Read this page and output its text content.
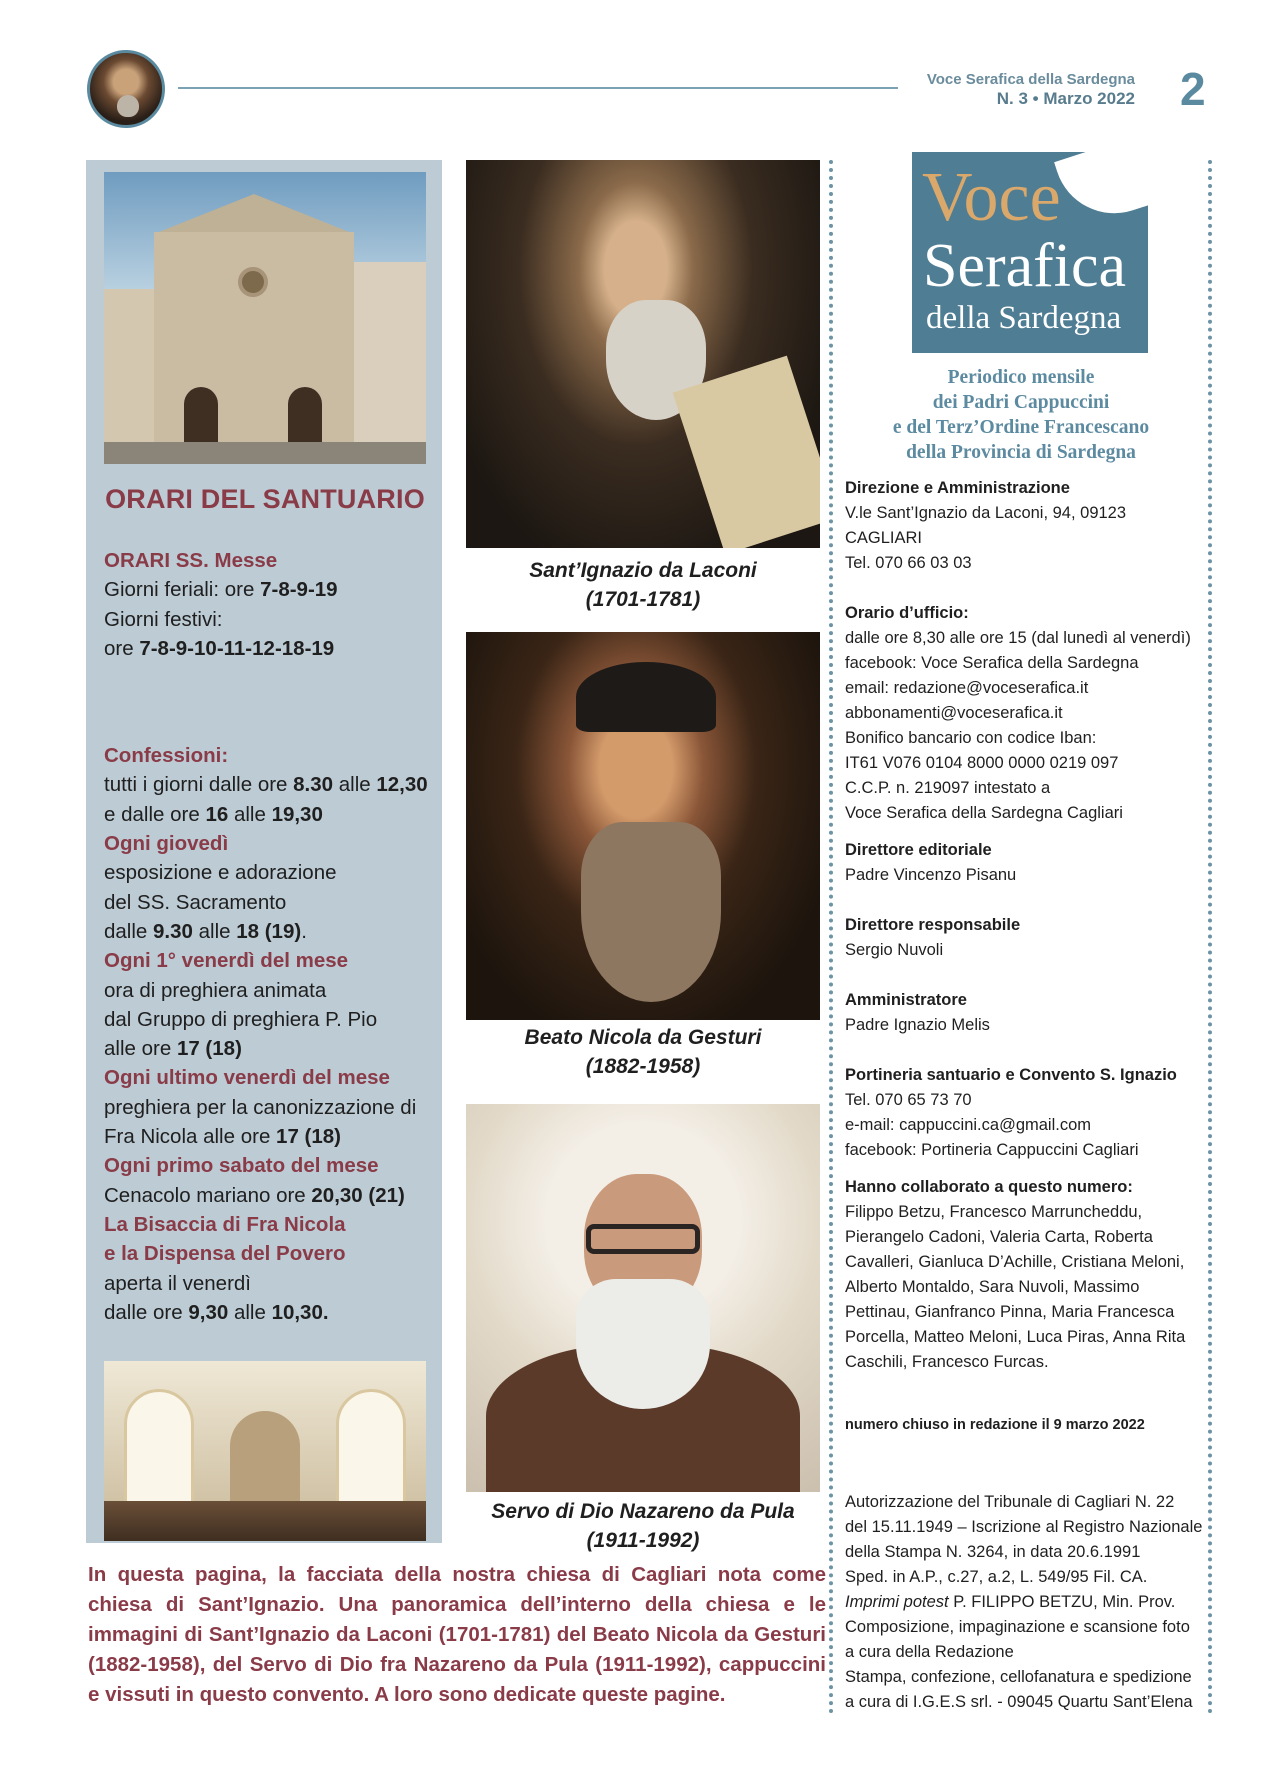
Voce Serafica della Sardegna
N. 3 • Marzo 2022 2
ORARI DEL SANTUARIO
ORARI SS. Messe
Giorni feriali: ore 7-8-9-19
Giorni festivi:
ore 7-8-9-10-11-12-18-19
Confessioni:
tutti i giorni dalle ore 8.30 alle 12,30
e dalle ore 16 alle 19,30
Ogni giovedì
esposizione e adorazione
del SS. Sacramento
dalle 9.30 alle 18 (19).
Ogni 1° venerdì del mese
ora di preghiera animata
dal Gruppo di preghiera P. Pio
alle ore 17 (18)
Ogni ultimo venerdì del mese
preghiera per la canonizzazione di
Fra Nicola alle ore 17 (18)
Ogni primo sabato del mese
Cenacolo mariano ore 20,30 (21)
La Bisaccia di Fra Nicola
e la Dispensa del Povero
aperta il venerdì
dalle ore 9,30 alle 10,30.
Sant’Ignazio da Laconi
(1701-1781)
Beato Nicola da Gesturi
(1882-1958)
Servo di Dio Nazareno da Pula
(1911-1992)
In questa pagina, la facciata della nostra chiesa di Cagliari nota come chiesa di Sant’Ignazio. Una panoramica dell’interno della chiesa e le immagini di Sant’Ignazio da Laconi (1701-1781) del Beato Nicola da Gesturi (1882-1958), del Servo di Dio fra Nazareno da Pula (1911-1992), cappuccini e vissuti in questo convento. A loro sono dedicate queste pagine.
Voce
Serafica
della Sardegna
Periodico mensile
dei Padri Cappuccini
e del Terz’Ordine Francescano
della Provincia di Sardegna
Direzione e Amministrazione
V.le Sant’Ignazio da Laconi, 94, 09123 CAGLIARI
Tel. 070 66 03 03
Orario d’ufficio:
dalle ore 8,30 alle ore 15 (dal lunedì al venerdì)
facebook: Voce Serafica della Sardegna
email: redazione@voceserafica.it
abbonamenti@voceserafica.it
Bonifico bancario con codice Iban:
IT61 V076 0104 8000 0000 0219 097
C.C.P. n. 219097 intestato a
Voce Serafica della Sardegna Cagliari
Direttore editoriale
Padre Vincenzo Pisanu
Direttore responsabile
Sergio Nuvoli
Amministratore
Padre Ignazio Melis
Portineria santuario e Convento S. Ignazio
Tel. 070 65 73 70
e-mail: cappuccini.ca@gmail.com
facebook: Portineria Cappuccini Cagliari
Hanno collaborato a questo numero:
Filippo Betzu, Francesco Marruncheddu,
Pierangelo Cadoni, Valeria Carta, Roberta
Cavalleri, Gianluca D’Achille, Cristiana Meloni,
Alberto Montaldo, Sara Nuvoli, Massimo
Pettinau, Gianfranco Pinna, Maria Francesca
Porcella, Matteo Meloni, Luca Piras, Anna Rita
Caschili, Francesco Furcas.
numero chiuso in redazione il 9 marzo 2022
Autorizzazione del Tribunale di Cagliari N. 22
del 15.11.1949 – Iscrizione al Registro Nazionale
della Stampa N. 3264, in data 20.6.1991
Sped. in A.P., c.27, a.2, L. 549/95 Fil. CA.
Imprimi potest P. FILIPPO BETZU, Min. Prov.
Composizione, impaginazione e scansione foto
a cura della Redazione
Stampa, confezione, cellofanatura e spedizione
a cura di I.G.E.S srl. - 09045 Quartu Sant’Elena
